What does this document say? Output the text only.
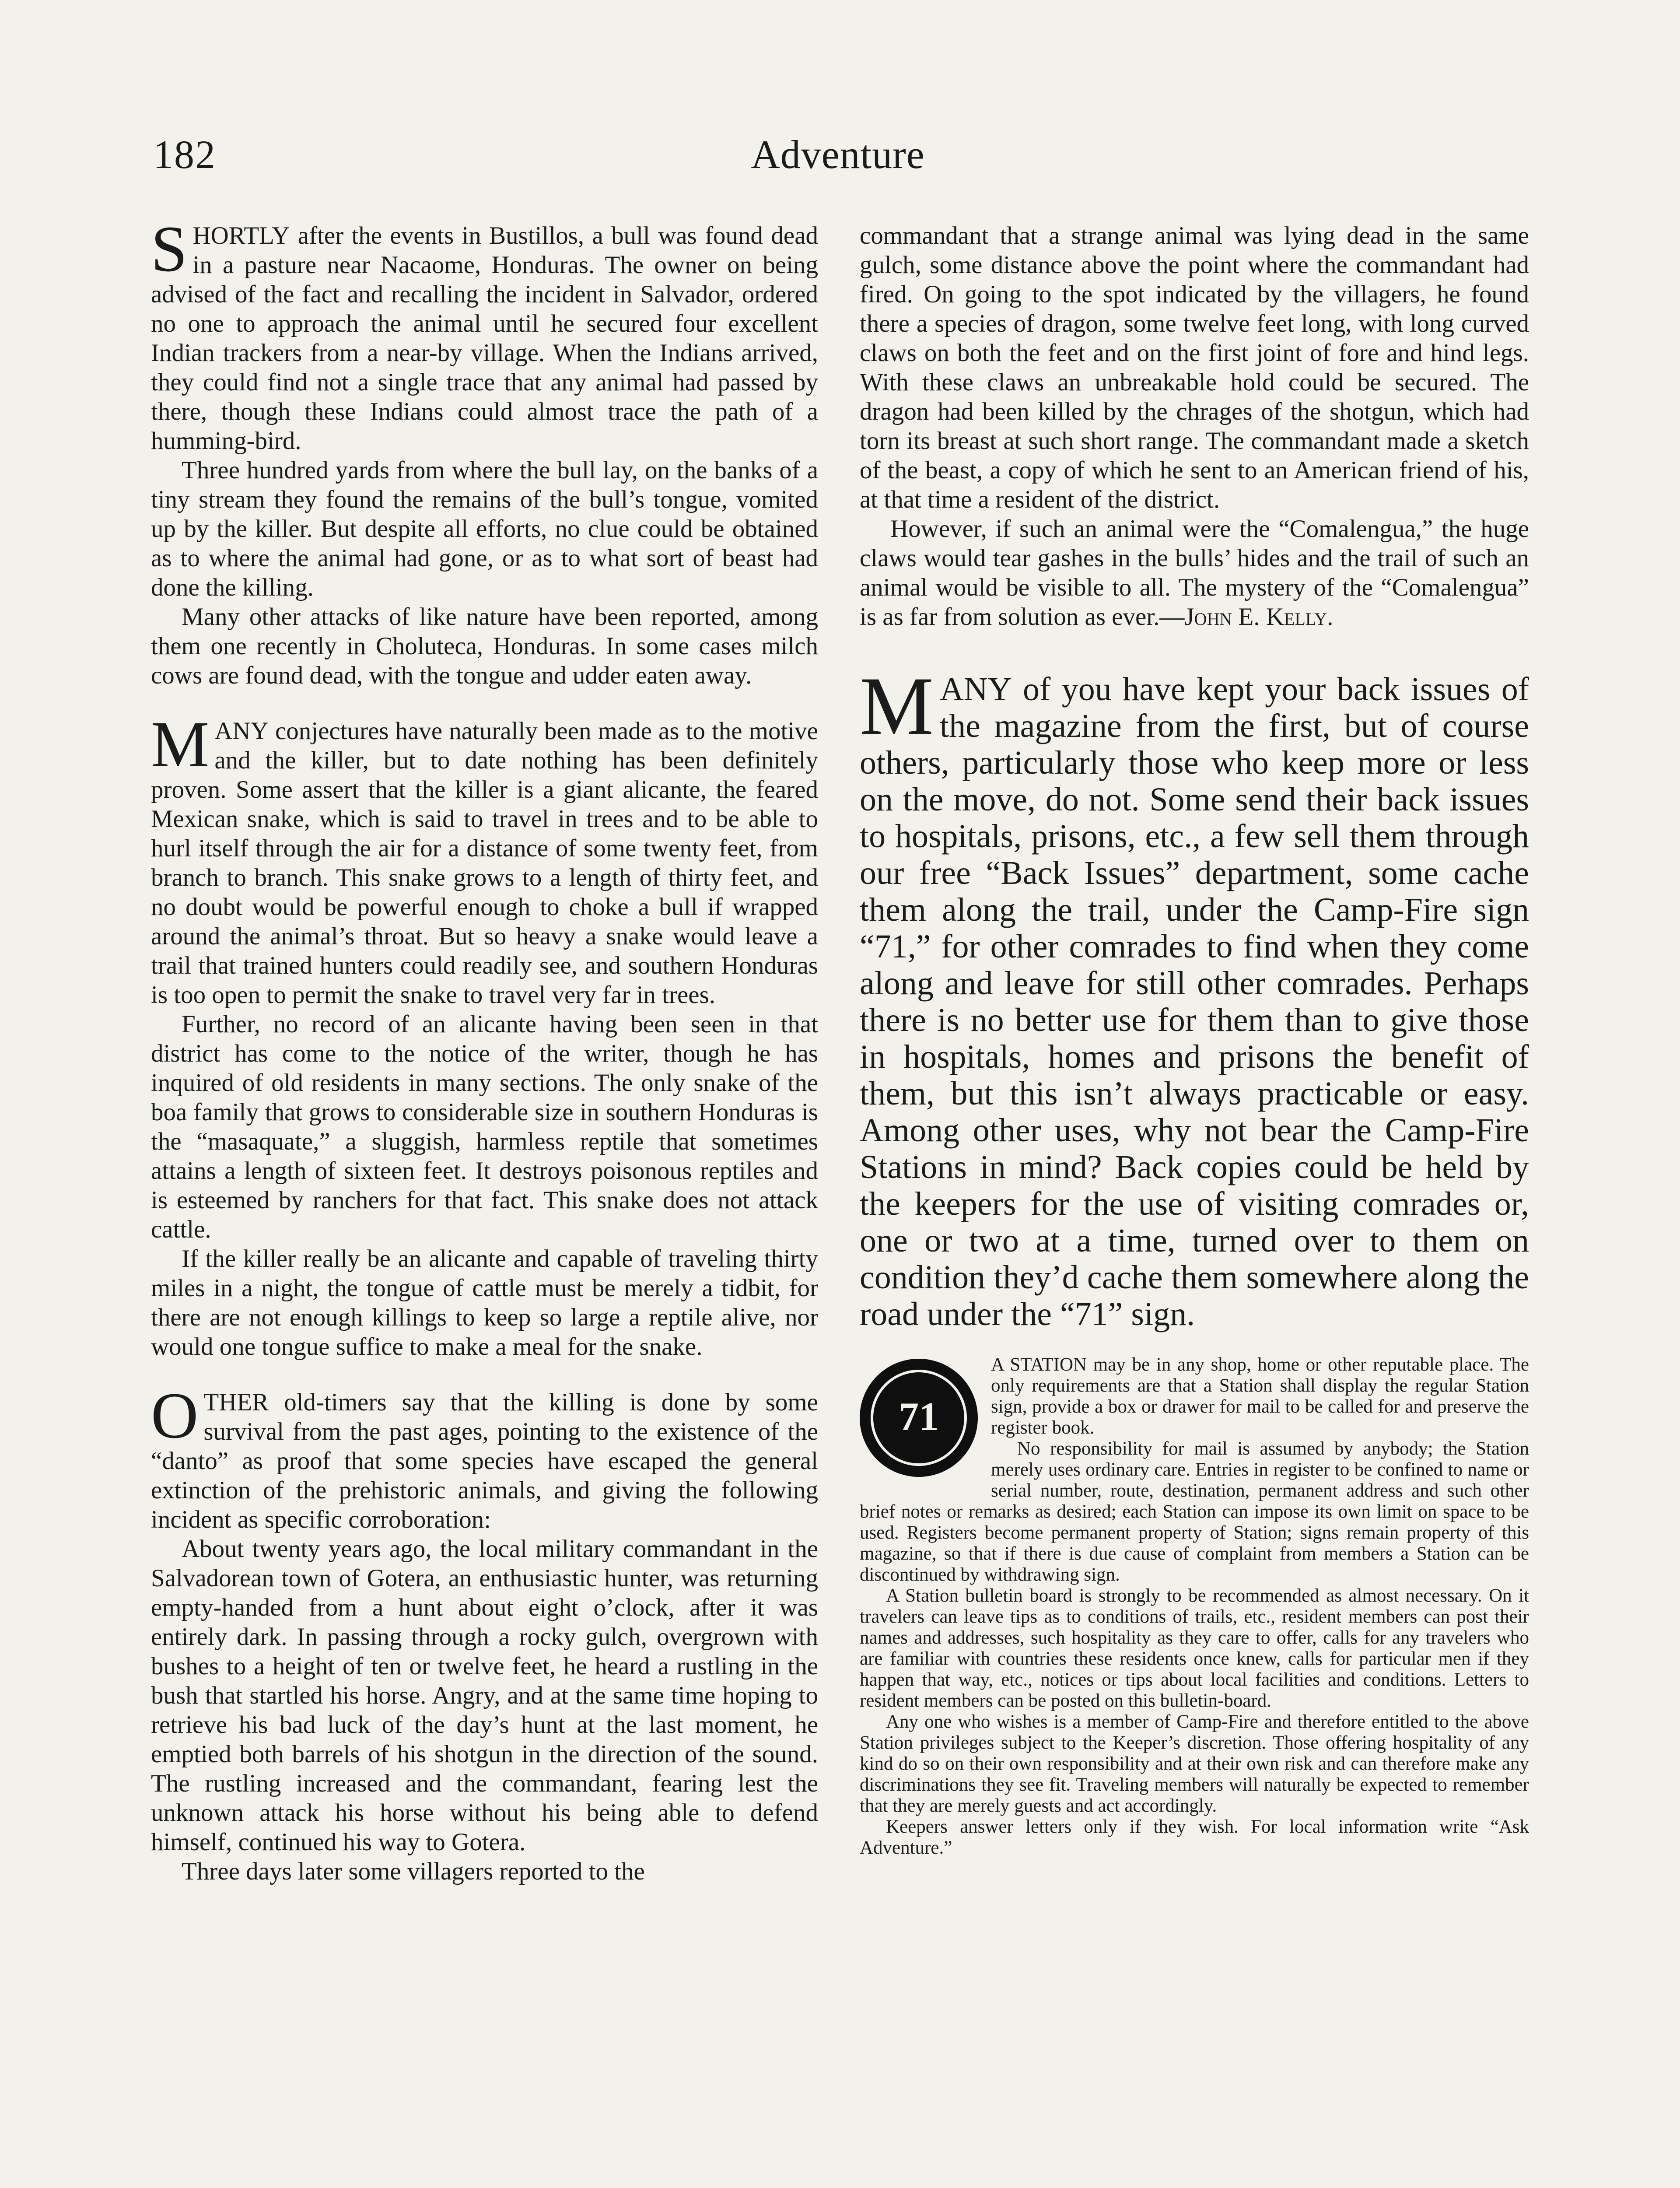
182	Adventure

SHORTLY after the events in Bustillos, a bull was found dead in a pasture near Nacaome, Honduras. The owner on being advised of the fact and recalling the incident in Salvador, ordered no one to approach the animal until he secured four excellent Indian trackers from a near-by village. When the Indians arrived, they could find not a single trace that any animal had passed by there, though these Indians could almost trace the path of a humming-bird.

Three hundred yards from where the bull lay, on the banks of a tiny stream they found the remains of the bull’s tongue, vomited up by the killer. But despite all efforts, no clue could be obtained as to where the animal had gone, or as to what sort of beast had done the killing.

Many other attacks of like nature have been reported, among them one recently in Choluteca, Honduras. In some cases milch cows are found dead, with the tongue and udder eaten away.

MANY conjectures have naturally been made as to the motive and the killer, but to date nothing has been definitely proven. Some assert that the killer is a giant alicante, the feared Mexican snake, which is said to travel in trees and to be able to hurl itself through the air for a distance of some twenty feet, from branch to branch. This snake grows to a length of thirty feet, and no doubt would be powerful enough to choke a bull if wrapped around the animal’s throat. But so heavy a snake would leave a trail that trained hunters could readily see, and southern Honduras is too open to permit the snake to travel very far in trees.

Further, no record of an alicante having been seen in that district has come to the notice of the writer, though he has inquired of old residents in many sections. The only snake of the boa family that grows to considerable size in southern Honduras is the “masaquate,” a sluggish, harmless reptile that sometimes attains a length of sixteen feet. It destroys poisonous reptiles and is esteemed by ranchers for that fact. This snake does not attack cattle.

If the killer really be an alicante and capable of traveling thirty miles in a night, the tongue of cattle must be merely a tidbit, for there are not enough killings to keep so large a reptile alive, nor would one tongue suffice to make a meal for the snake.

OTHER old-timers say that the killing is done by some survival from the past ages, pointing to the existence of the “danto” as proof that some species have escaped the general extinction of the prehistoric animals, and giving the following incident as specific corroboration:

About twenty years ago, the local military commandant in the Salvadorean town of Gotera, an enthusiastic hunter, was returning empty-handed from a hunt about eight o’clock, after it was entirely dark. In passing through a rocky gulch, overgrown with bushes to a height of ten or twelve feet, he heard a rustling in the bush that startled his horse. Angry, and at the same time hoping to retrieve his bad luck of the day’s hunt at the last moment, he emptied both barrels of his shotgun in the direction of the sound. The rustling increased and the commandant, fearing lest the unknown attack his horse without his being able to defend himself, continued his way to Gotera.

Three days later some villagers reported to the

commandant that a strange animal was lying dead in the same gulch, some distance above the point where the commandant had fired. On going to the spot indicated by the villagers, he found there a species of dragon, some twelve feet long, with long curved claws on both the feet and on the first joint of fore and hind legs. With these claws an unbreakable hold could be secured. The dragon had been killed by the chrages of the shotgun, which had torn its breast at such short range. The commandant made a sketch of the beast, a copy of which he sent to an American friend of his, at that time a resident of the district.

However, if such an animal were the “Comalengua,” the huge claws would tear gashes in the bulls’ hides and the trail of such an animal would be visible to all. The mystery of the “Comalengua” is as far from solution as ever.—John E. Kelly.

MANY of you have kept your back issues of the magazine from the first, but of course others, particularly those who keep more or less on the move, do not. Some send their back issues to hospitals, prisons, etc., a few sell them through our free “Back Issues” department, some cache them along the trail, under the Camp-Fire sign “71,” for other comrades to find when they come along and leave for still other comrades. Perhaps there is no better use for them than to give those in hospitals, homes and prisons the benefit of them, but this isn’t always practicable or easy. Among other uses, why not bear the Camp-Fire Stations in mind? Back copies could be held by the keepers for the use of visiting comrades or, one or two at a time, turned over to them on condition they’d cache them somewhere along the road under the “71” sign.

71

A STATION may be in any shop, home or other reputable place. The only requirements are that a Station shall display the regular Station sign, provide a box or drawer for mail to be called for and preserve the register book.

No responsibility for mail is assumed by anybody; the Station merely uses ordinary care. Entries in register to be confined to name or serial number, route, destination, permanent address and such other brief notes or remarks as desired; each Station can impose its own limit on space to be used. Registers become permanent property of Station; signs remain property of this magazine, so that if there is due cause of complaint from members a Station can be discontinued by withdrawing sign.

A Station bulletin board is strongly to be recommended as almost necessary. On it travelers can leave tips as to conditions of trails, etc., resident members can post their names and addresses, such hospitality as they care to offer, calls for any travelers who are familiar with countries these residents once knew, calls for particular men if they happen that way, etc., notices or tips about local facilities and conditions. Letters to resident members can be posted on this bulletin-board.

Any one who wishes is a member of Camp-Fire and therefore entitled to the above Station privileges subject to the Keeper’s discretion. Those offering hospitality of any kind do so on their own responsibility and at their own risk and can therefore make any discriminations they see fit. Traveling members will naturally be expected to remember that they are merely guests and act accordingly.

Keepers answer letters only if they wish. For local information write “Ask Adventure.”
